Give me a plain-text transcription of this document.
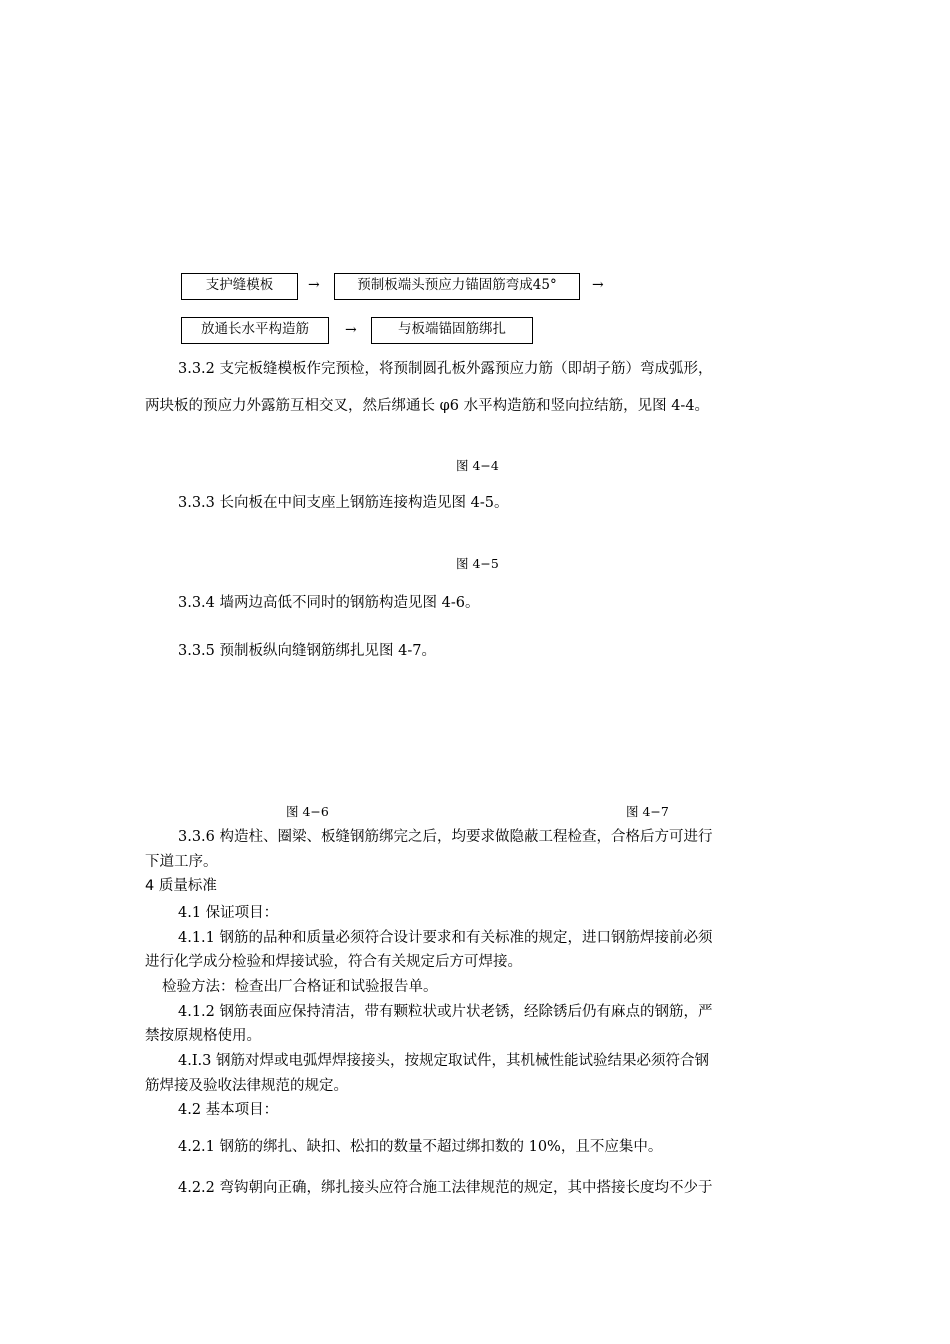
支护缝模板	→	预制板端头预应力锚固筋弯成45°	→
放通长水平构造筋	→	与板端锚固筋绑扎
3.3.2 支完板缝模板作完预检，将预制圆孔板外露预应力筋（即胡子筋）弯成弧形，
两块板的预应力外露筋互相交叉，然后绑通长 φ6 水平构造筋和竖向拉结筋，见图 4-4。
图 4−4
3.3.3 长向板在中间支座上钢筋连接构造见图 4-5。
图 4−5
3.3.4 墙两边高低不同时的钢筋构造见图 4-6。
3.3.5 预制板纵向缝钢筋绑扎见图 4-7。
图 4−6	图 4−7
3.3.6 构造柱、圈梁、板缝钢筋绑完之后，均要求做隐蔽工程检查，合格后方可进行
下道工序。
4 质量标准
4.1 保证项目：
4.1.1 钢筋的品种和质量必须符合设计要求和有关标准的规定，进口钢筋焊接前必须
进行化学成分检验和焊接试验，符合有关规定后方可焊接。
检验方法：检查出厂合格证和试验报告单。
4.1.2 钢筋表面应保持清洁，带有颗粒状或片状老锈，经除锈后仍有麻点的钢筋，严
禁按原规格使用。
4.I.3 钢筋对焊或电弧焊焊接接头，按规定取试件，其机械性能试验结果必须符合钢
筋焊接及验收法律规范的规定。
4.2 基本项目：
4.2.1 钢筋的绑扎、缺扣、松扣的数量不超过绑扣数的 10%，且不应集中。
4.2.2 弯钩朝向正确，绑扎接头应符合施工法律规范的规定，其中搭接长度均不少于
